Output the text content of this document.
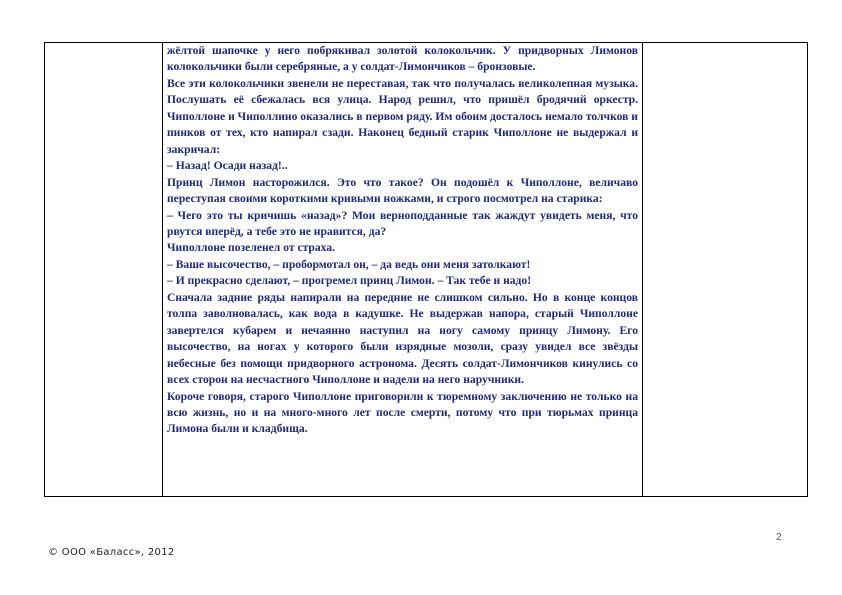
жёлтой шапочке у него побрякивал золотой колокольчик. У придворных Лимонов колокольчики были серебряные, а у солдат-Лимончиков – бронзовые.

Все эти колокольчики звенели не переставая, так что получалась великолепная музыка. Послушать её сбежалась вся улица. Народ решил, что пришёл бродячий оркестр. Чиполлоне и Чиполлино оказались в первом ряду. Им обоим досталось немало толчков и пинков от тех, кто напирал сзади. Наконец бедный старик Чиполлоне не выдержал и закричал:

– Назад! Осади назад!..

Принц Лимон насторожился. Это что такое? Он подошёл к Чиполлоне, величаво переступая своими короткими кривыми ножками, и строго посмотрел на старика:

– Чего это ты кричишь «назад»? Мои верноподданные так жаждут увидеть меня, что рвутся вперёд, а тебе это не нравится, да?

Чиполлоне позеленел от страха.

– Ваше высочество, – пробормотал он, – да ведь они меня затолкают!

– И прекрасно сделают, – прогремел принц Лимон. – Так тебе и надо!

Сначала задние ряды напирали на передние не слишком сильно. Но в конце концов толпа заволновалась, как вода в кадушке. Не выдержав напора, старый Чиполлоне завертелся кубарем и нечаянно наступил на ногу самому принцу Лимону. Его высочество, на ногах у которого были изрядные мозоли, сразу увидел все звёзды небесные без помощи придворного астронома. Десять солдат-Лимончиков кинулись со всех сторон на несчастного Чиполлоне и надели на него наручники.

Короче говоря, старого Чиполлоне приговорили к тюремному заключению не только на всю жизнь, но и на много-много лет после смерти, потому что при тюрьмах принца Лимона были и кладбища.

2
© ООО «Баласс», 2012
